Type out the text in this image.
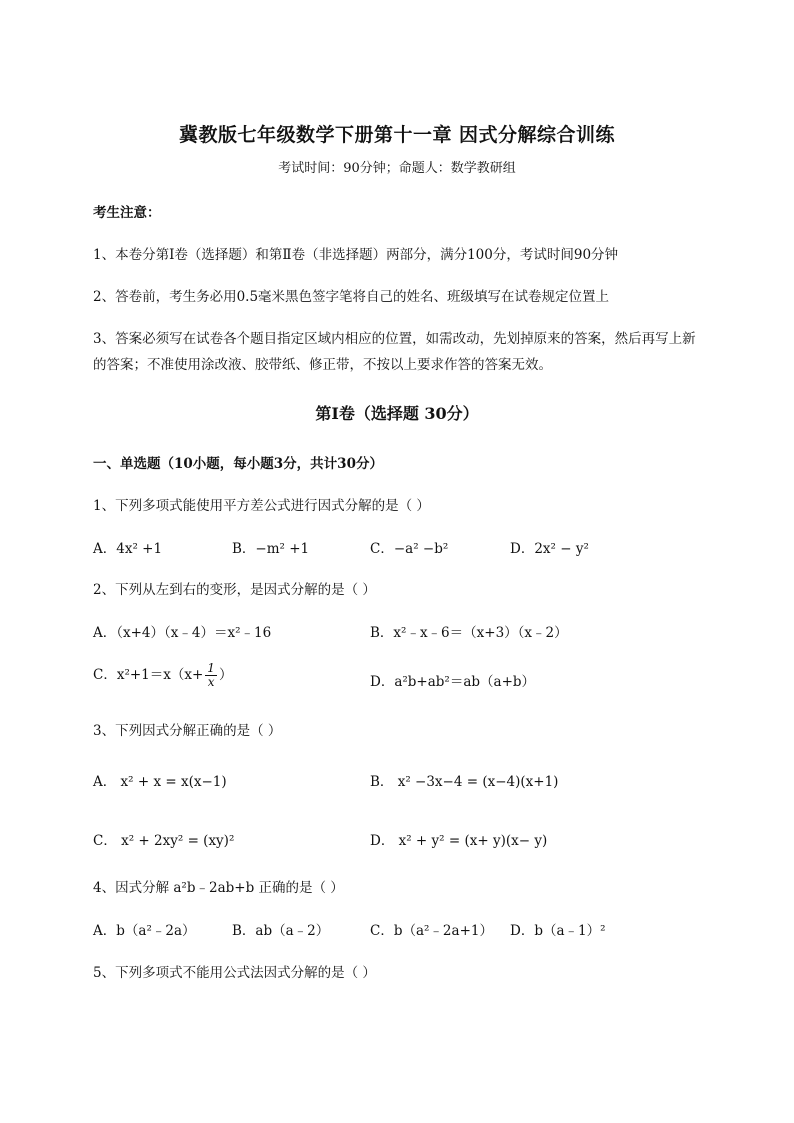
冀教版七年级数学下册第十一章 因式分解综合训练
考试时间：90分钟；命题人：数学教研组
考生注意：
1、本卷分第I卷（选择题）和第Ⅱ卷（非选择题）两部分，满分100分，考试时间90分钟
2、答卷前，考生务必用0.5毫米黑色签字笔将自己的姓名、班级填写在试卷规定位置上
3、答案必须写在试卷各个题目指定区域内相应的位置，如需改动，先划掉原来的答案，然后再写上新
的答案；不准使用涂改液、胶带纸、修正带，不按以上要求作答的答案无效。
第I卷（选择题 30分）
一、单选题（10小题，每小题3分，共计30分）
1、下列多项式能使用平方差公式进行因式分解的是（ ）
A．4x² +1	B．−m² +1	C．−a² −b²	D．2x² − y²
2、下列从左到右的变形，是因式分解的是（ ）
A．（x+4）（x﹣4）＝x²﹣16	B．x²﹣x﹣6＝（x+3）（x﹣2）
C．$x^2+1=x(x+ \frac{1}{x}$ ）	D．a²b+ab²＝ab（a+b）
3、下列因式分解正确的是（ ）
A． x² + x = x(x−1)	B． x² −3x−4 = (x−4)(x+1)
C． x² + 2xy² = (xy)²	D． x² + y² = (x+ y)(x− y)
4、因式分解 a²b﹣2ab+b 正确的是（ ）
A．b（a²﹣2a）	B．ab（a﹣2）	C．b（a²﹣2a+1） D．b（a﹣1）²
5、下列多项式不能用公式法因式分解的是（ ）
